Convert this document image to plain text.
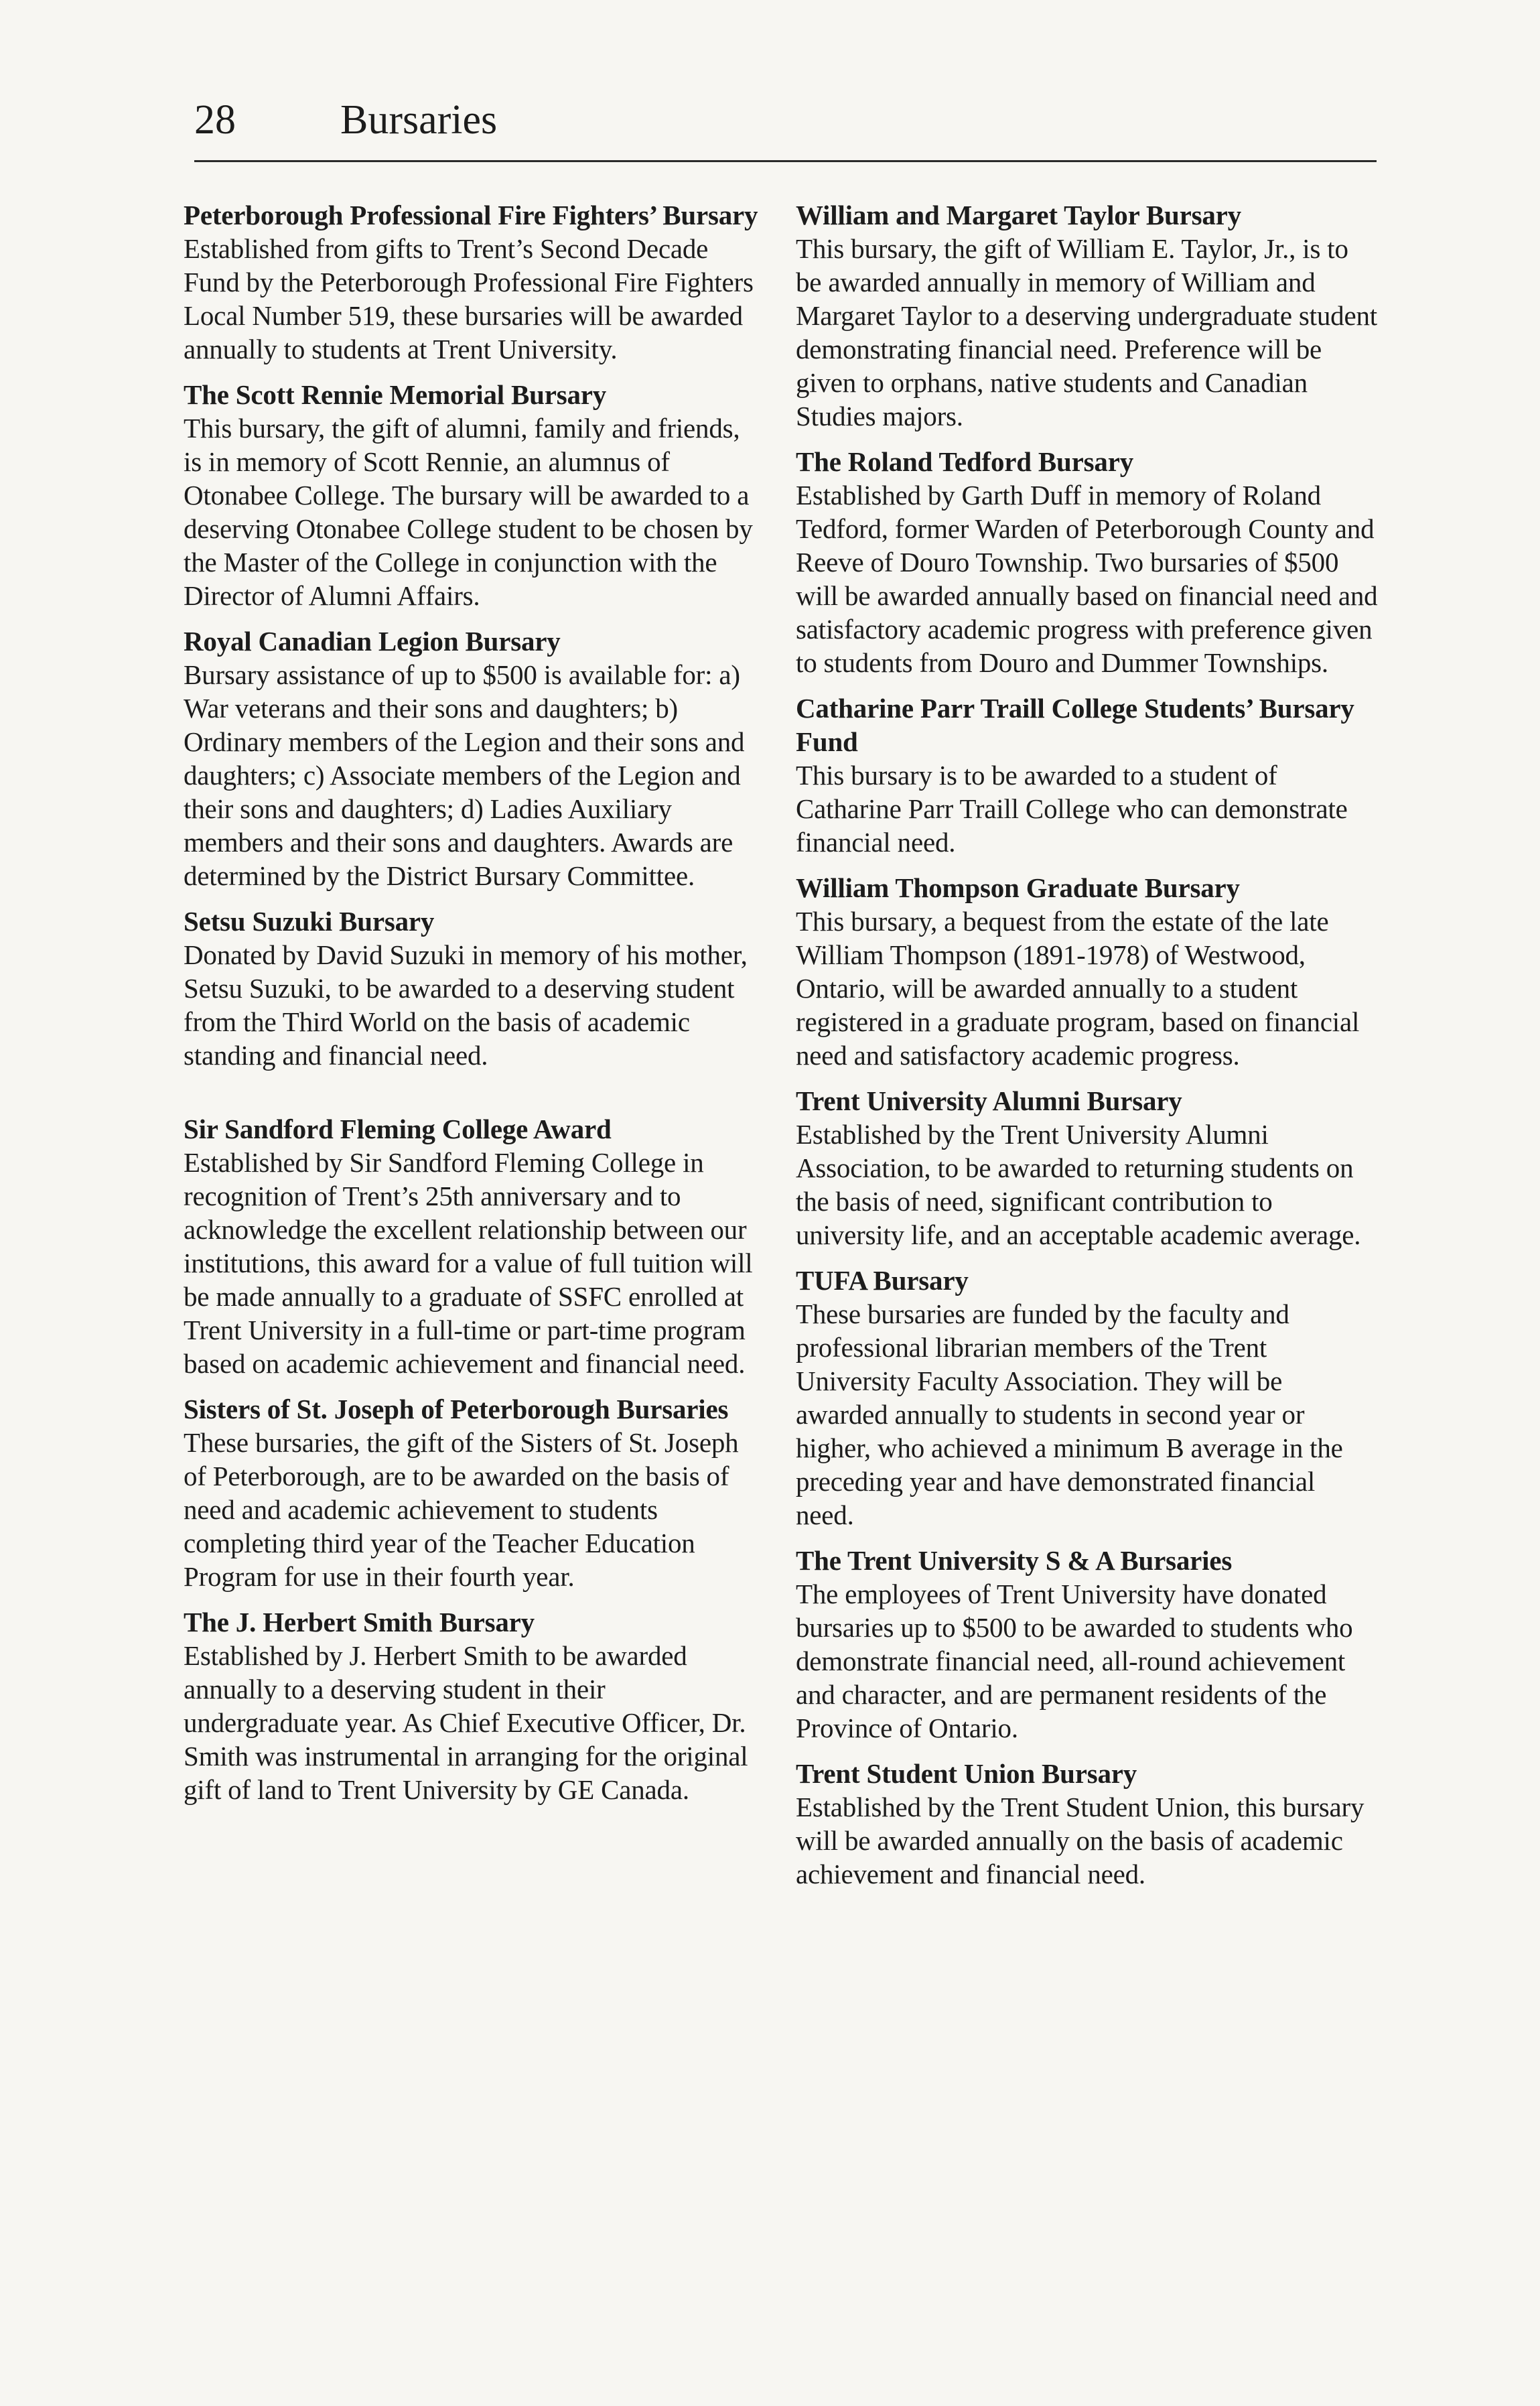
28	Bursaries

Peterborough Professional Fire Fighters’ Bursary

Established from gifts to Trent’s Second Decade Fund by the Peterborough Professional Fire Fighters Local Number 519, these bursaries will be awarded annually to students at Trent University.

The Scott Rennie Memorial Bursary

This bursary, the gift of alumni, family and friends, is in memory of Scott Rennie, an alumnus of Otonabee College. The bursary will be awarded to a deserving Otonabee College student to be chosen by the Master of the College in conjunction with the Director of Alumni Affairs.

Royal Canadian Legion Bursary

Bursary assistance of up to $500 is available for: a) War veterans and their sons and daughters; b) Ordinary members of the Legion and their sons and daughters; c) Associate members of the Legion and their sons and daughters; d) Ladies Auxiliary members and their sons and daughters. Awards are determined by the District Bursary Committee.

Setsu Suzuki Bursary

Donated by David Suzuki in memory of his mother, Setsu Suzuki, to be awarded to a deserving student from the Third World on the basis of academic standing and financial need.

Sir Sandford Fleming College Award

Established by Sir Sandford Fleming College in recognition of Trent’s 25th anniversary and to acknowledge the excellent relationship between our institutions, this award for a value of full tuition will be made annually to a graduate of SSFC enrolled at Trent University in a full-time or part-time program based on academic achievement and financial need.

Sisters of St. Joseph of Peterborough Bursaries

These bursaries, the gift of the Sisters of St. Joseph of Peterborough, are to be awarded on the basis of need and academic achievement to students completing third year of the Teacher Education Program for use in their fourth year.

The J. Herbert Smith Bursary

Established by J. Herbert Smith to be awarded annually to a deserving student in their undergraduate year. As Chief Executive Officer, Dr. Smith was instrumental in arranging for the original gift of land to Trent University by GE Canada.

William and Margaret Taylor Bursary

This bursary, the gift of William E. Taylor, Jr., is to be awarded annually in memory of William and Margaret Taylor to a deserving undergraduate student demonstrating financial need. Preference will be given to orphans, native students and Canadian Studies majors.

The Roland Tedford Bursary

Established by Garth Duff in memory of Roland Tedford, former Warden of Peterborough County and Reeve of Douro Township. Two bursaries of $500 will be awarded annually based on financial need and satisfactory academic progress with preference given to students from Douro and Dummer Townships.

Catharine Parr Traill College Students’ Bursary Fund

This bursary is to be awarded to a student of Catharine Parr Traill College who can demonstrate financial need.

William Thompson Graduate Bursary

This bursary, a bequest from the estate of the late William Thompson (1891-1978) of Westwood, Ontario, will be awarded annually to a student registered in a graduate program, based on financial need and satisfactory academic progress.

Trent University Alumni Bursary

Established by the Trent University Alumni Association, to be awarded to returning students on the basis of need, significant contribution to university life, and an acceptable academic average.

TUFA Bursary

These bursaries are funded by the faculty and professional librarian members of the Trent University Faculty Association. They will be awarded annually to students in second year or higher, who achieved a minimum B average in the preceding year and have demonstrated financial need.

The Trent University S & A Bursaries

The employees of Trent University have donated bursaries up to $500 to be awarded to students who demonstrate financial need, all-round achievement and character, and are permanent residents of the Province of Ontario.

Trent Student Union Bursary

Established by the Trent Student Union, this bursary will be awarded annually on the basis of academic achievement and financial need.
